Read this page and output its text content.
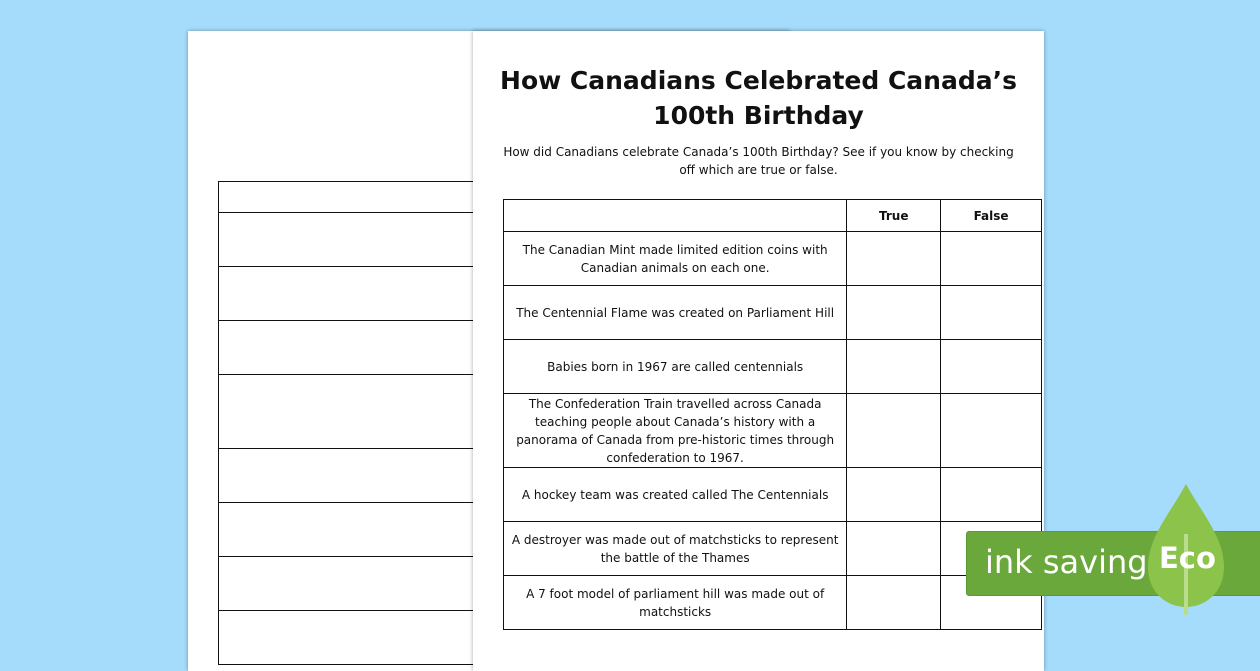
How Canadians Celebrated Canada’s
100th Birthday
How did Canadians celebrate Canada’s 100th Birthday? See if you know by checking off which are true or false.
	True	False
The Canadian Mint made limited edition coins with Canadian animals on each one.		
The Centennial Flame was created on Parliament Hill		
Babies born in 1967 are called centennials		
The Confederation Train travelled across Canada teaching people about Canada’s history with a panorama of Canada from pre-historic times through confederation to 1967.		
A hockey team was created called The Centennials		
A destroyer was made out of matchsticks to represent the battle of the Thames		
A 7 foot model of parliament hill was made out of matchsticks		
ink saving Eco
